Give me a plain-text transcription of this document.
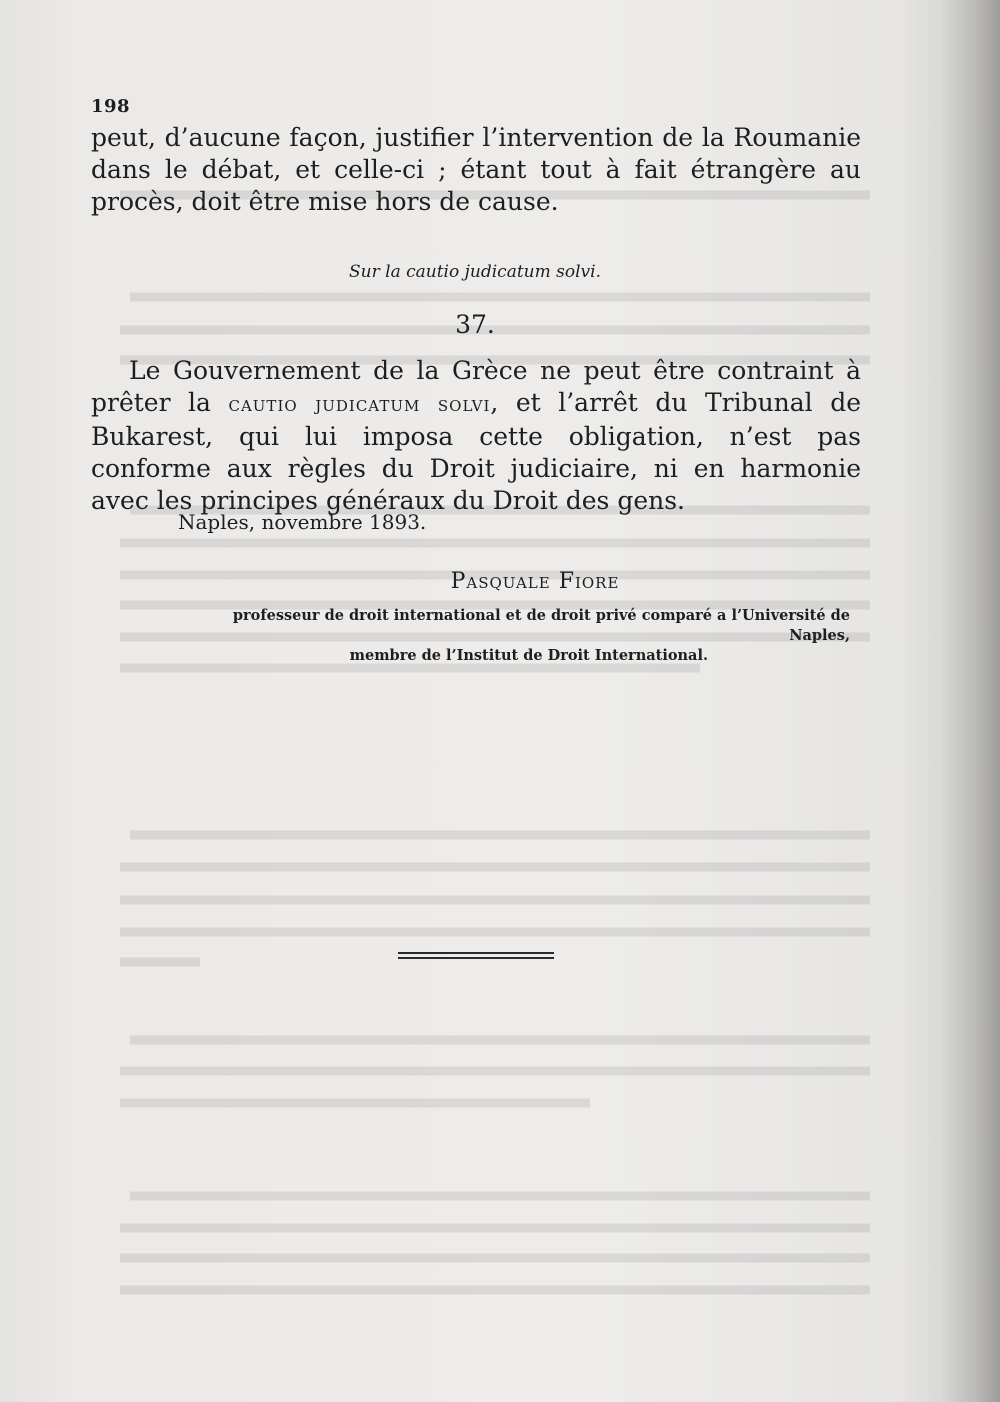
198
peut, d’aucune façon, justifier l’intervention de la Roumanie dans le débat, et celle-ci ; étant tout à fait étrangère au procès, doit être mise hors de cause.
Sur la cautio judicatum solvi.
37.
Le Gouvernement de la Grèce ne peut être contraint à prêter la cautio judicatum solvi, et l’arrêt du Tribunal de Bukarest, qui lui imposa cette obligation, n’est pas conforme aux règles du Droit judiciaire, ni en harmonie avec les principes généraux du Droit des gens.
Naples, novembre 1893.
Pasquale Fiore
professeur de droit international et de droit privé comparé a l’Université de Naples,
membre de l’Institut de Droit International.
